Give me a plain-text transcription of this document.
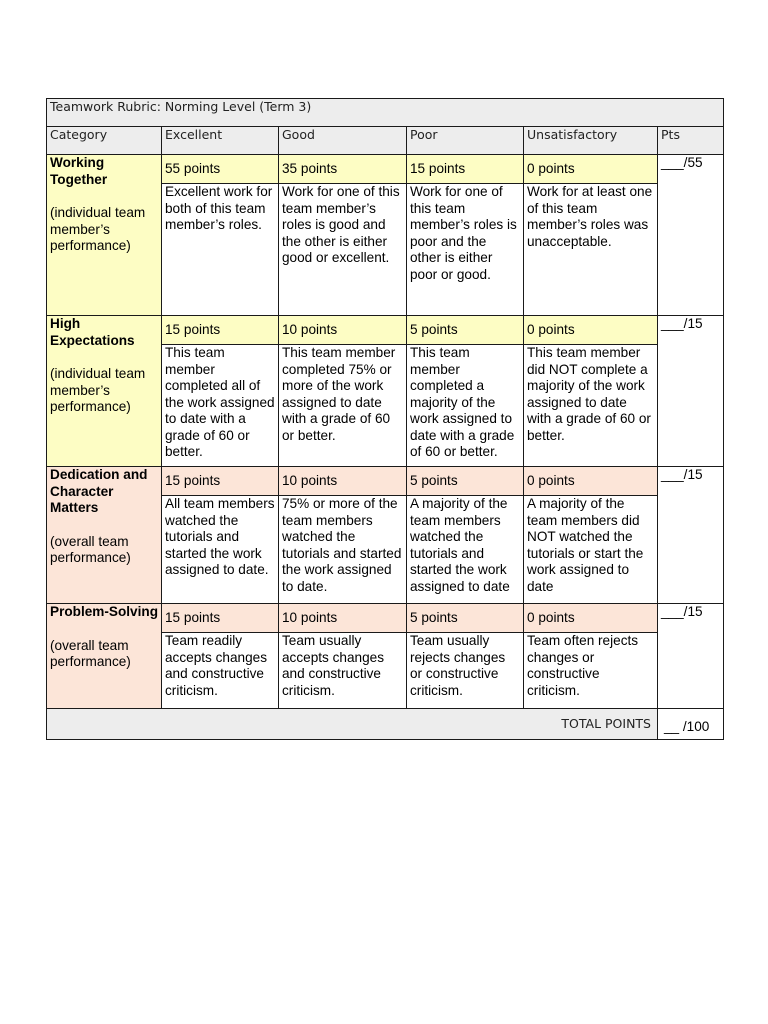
Teamwork Rubric: Norming Level (Term 3)					
Category	Excellent	Good	Poor	Unsatisfactory	Pts

Working Together
(individual team member’s performance)	55 points	35 points	15 points	0 points	___/55
	Excellent work for both of this team member’s roles.	Work for one of this team member’s roles is good and the other is either good or excellent.	Work for one of this team member’s roles is poor and the other is either poor or good.	Work for at least one of this team member’s roles was unacceptable.	

High Expectations
(individual team member’s performance)	15 points	10 points	5 points	0 points	___/15
	This team member completed all of the work assigned to date with a grade of 60 or better.	This team member completed 75% or more of the work assigned to date with a grade of 60 or better.	This team member completed a majority of the work assigned to date with a grade of 60 or better.	This team member did NOT complete a majority of the work assigned to date with a grade of 60 or better.	

Dedication and Character Matters
(overall team performance)	15 points	10 points	5 points	0 points	___/15
	All team members watched the tutorials and started the work assigned to date.	75% or more of the team members watched the tutorials and started the work assigned to date.	A majority of the team members watched the tutorials and started the work assigned to date	A majority of the team members did NOT watched the tutorials or start the work assigned to date	

Problem-Solving
(overall team performance)	15 points	10 points	5 points	0 points	___/15
	Team readily accepts changes and constructive criticism.	Team usually accepts changes and constructive criticism.	Team usually rejects changes or constructive criticism.	Team often rejects changes or constructive criticism.	
TOTAL POINTS					__ /100
